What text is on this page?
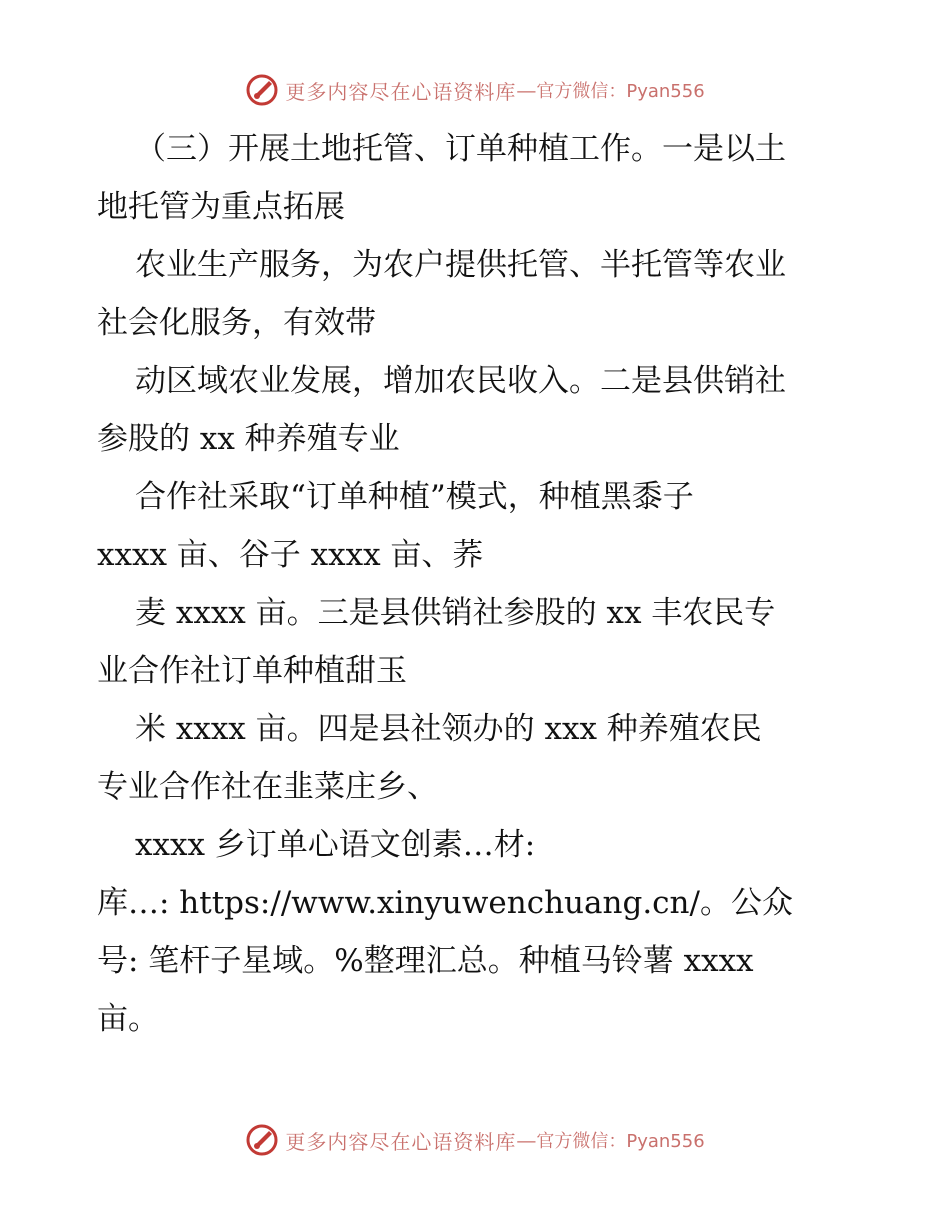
更多内容尽在心语资料库 — 官方微信：Pyan556
（三）开展土地托管、订单种植工作。一是以土
地托管为重点拓展
农业生产服务，为农户提供托管、半托管等农业
社会化服务，有效带
动区域农业发展，增加农民收入。二是县供销社
参股的 xx 种养殖专业
合作社采取“订单种植”模式，种植黑黍子
xxxx 亩、谷子 xxxx 亩、荞
麦 xxxx 亩。三是县供销社参股的 xx 丰农民专
业合作社订单种植甜玉
米 xxxx 亩。四是县社领办的 xxx 种养殖农民
专业合作社在韭菜庄乡、
xxxx 乡订单心语文创素…材:
库…: https://www.xinyuwenchuang.cn/。公众
号: 笔杆子星域。%整理汇总。种植马铃薯 xxxx
亩。
更多内容尽在心语资料库 — 官方微信：Pyan556
